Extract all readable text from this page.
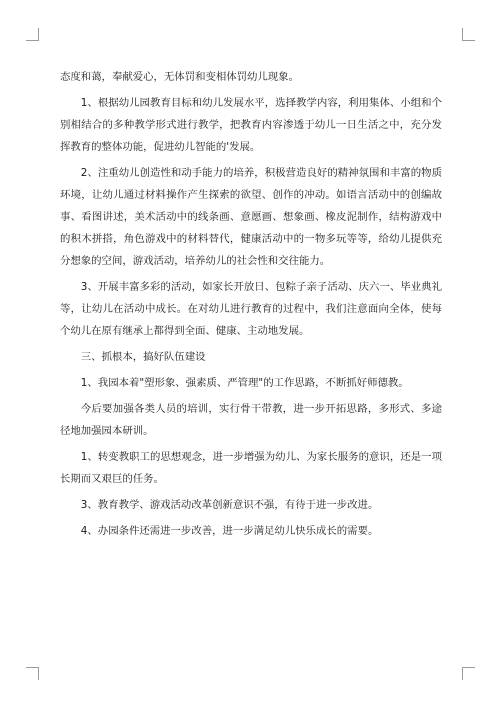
态度和蔼，奉献爱心，无体罚和变相体罚幼儿现象。

1、根据幼儿园教育目标和幼儿发展水平，选择教学内容，利用集体、小组和个别相结合的多种教学形式进行教学，把教育内容渗透于幼儿一日生活之中，充分发挥教育的整体功能，促进幼儿智能的'发展。

2、注重幼儿创造性和动手能力的培养，积极营造良好的精神氛围和丰富的物质环境，让幼儿通过材料操作产生探索的欲望、创作的冲动。如语言活动中的创编故事、看图讲述，美术活动中的线条画、意愿画、想象画、橡皮泥制作，结构游戏中的积木拼搭，角色游戏中的材料替代，健康活动中的一物多玩等等，给幼儿提供充分想象的空间，游戏活动，培养幼儿的社会性和交往能力。

3、开展丰富多彩的活动，如家长开放日、包粽子亲子活动、庆六一、毕业典礼等，让幼儿在活动中成长。在对幼儿进行教育的过程中，我们注意面向全体，使每个幼儿在原有继承上都得到全面、健康、主动地发展。

三、抓根本，搞好队伍建设

1、我园本着"塑形象、强素质、严管理"的工作思路，不断抓好师德教。

今后要加强各类人员的培训，实行骨干带教，进一步开拓思路，多形式、多途径地加强园本研训。

1、转变教职工的思想观念，进一步增强为幼儿、为家长服务的意识，还是一项长期而又艰巨的任务。

3、教育教学、游戏活动改革创新意识不强，有待于进一步改进。

4、办园条件还需进一步改善，进一步满足幼儿快乐成长的需要。
